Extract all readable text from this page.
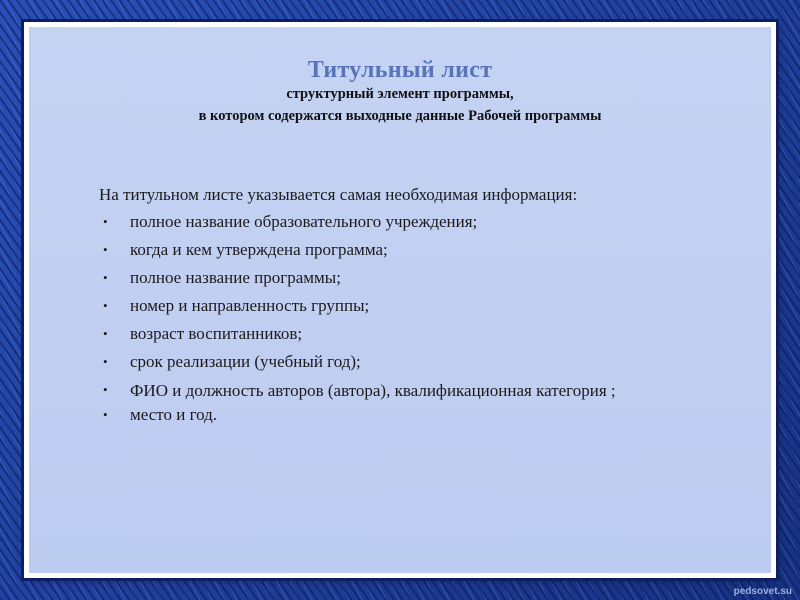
Титульный лист
структурный элемент программы,
в котором содержатся выходные данные Рабочей программы

На титульном листе указывается самая необходимая информация:

• полное название образовательного учреждения;
• когда и кем утверждена программа;
• полное название программы;
• номер и направленность группы;
• возраст воспитанников;
• срок реализации (учебный год);
• ФИО и должность авторов (автора), квалификационная категория ;
• место и год.
pedsovet.su
